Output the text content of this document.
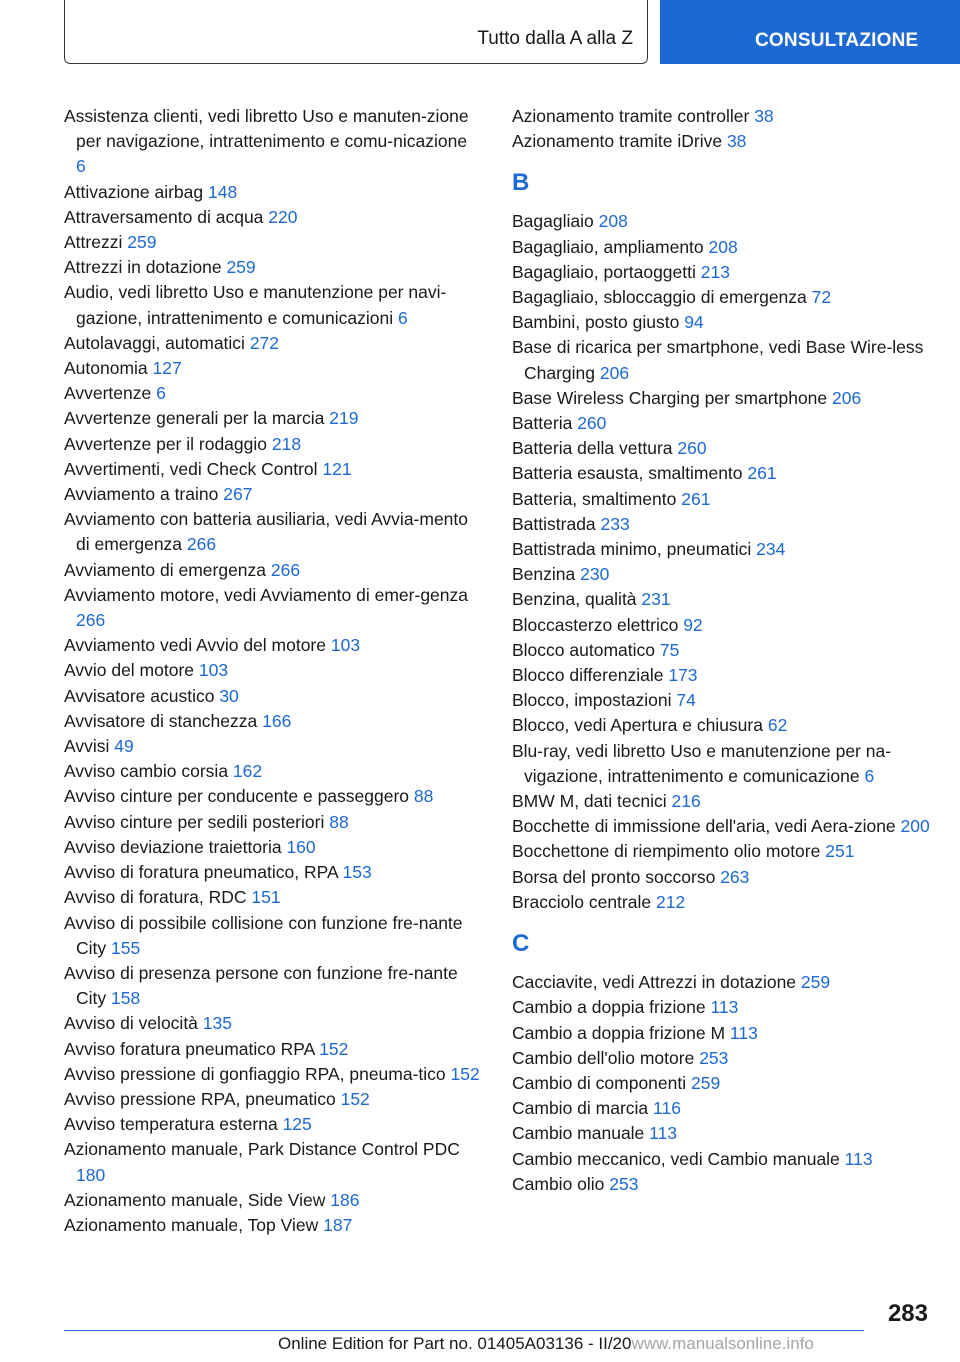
Tutto dalla A alla Z	CONSULTAZIONE
Assistenza clienti, vedi libretto Uso e manuten-zione per navigazione, intrattenimento e comu-nicazione 6
Attivazione airbag 148
Attraversamento di acqua 220
Attrezzi 259
Attrezzi in dotazione 259
Audio, vedi libretto Uso e manutenzione per navi-gazione, intrattenimento e comunicazioni 6
Autolavaggi, automatici 272
Autonomia 127
Avvertenze 6
Avvertenze generali per la marcia 219
Avvertenze per il rodaggio 218
Avvertimenti, vedi Check Control 121
Avviamento a traino 267
Avviamento con batteria ausiliaria, vedi Avvia-mento di emergenza 266
Avviamento di emergenza 266
Avviamento motore, vedi Avviamento di emer-genza 266
Avviamento vedi Avvio del motore 103
Avvio del motore 103
Avvisatore acustico 30
Avvisatore di stanchezza 166
Avvisi 49
Avviso cambio corsia 162
Avviso cinture per conducente e passeggero 88
Avviso cinture per sedili posteriori 88
Avviso deviazione traiettoria 160
Avviso di foratura pneumatico, RPA 153
Avviso di foratura, RDC 151
Avviso di possibile collisione con funzione fre-nante City 155
Avviso di presenza persone con funzione fre-nante City 158
Avviso di velocità 135
Avviso foratura pneumatico RPA 152
Avviso pressione di gonfiaggio RPA, pneuma-tico 152
Avviso pressione RPA, pneumatico 152
Avviso temperatura esterna 125
Azionamento manuale, Park Distance Control PDC 180
Azionamento manuale, Side View 186
Azionamento manuale, Top View 187
Azionamento tramite controller 38
Azionamento tramite iDrive 38
B
Bagagliaio 208
Bagagliaio, ampliamento 208
Bagagliaio, portaoggetti 213
Bagagliaio, sbloccaggio di emergenza 72
Bambini, posto giusto 94
Base di ricarica per smartphone, vedi Base Wire-less Charging 206
Base Wireless Charging per smartphone 206
Batteria 260
Batteria della vettura 260
Batteria esausta, smaltimento 261
Batteria, smaltimento 261
Battistrada 233
Battistrada minimo, pneumatici 234
Benzina 230
Benzina, qualità 231
Bloccasterzo elettrico 92
Blocco automatico 75
Blocco differenziale 173
Blocco, impostazioni 74
Blocco, vedi Apertura e chiusura 62
Blu-ray, vedi libretto Uso e manutenzione per na-vigazione, intrattenimento e comunicazione 6
BMW M, dati tecnici 216
Bocchette di immissione dell'aria, vedi Aera-zione 200
Bocchettone di riempimento olio motore 251
Borsa del pronto soccorso 263
Bracciolo centrale 212
C
Cacciavite, vedi Attrezzi in dotazione 259
Cambio a doppia frizione 113
Cambio a doppia frizione M 113
Cambio dell'olio motore 253
Cambio di componenti 259
Cambio di marcia 116
Cambio manuale 113
Cambio meccanico, vedi Cambio manuale 113
Cambio olio 253
283
Online Edition for Part no. 01405A03136 - II/20www.manualsonline.info
